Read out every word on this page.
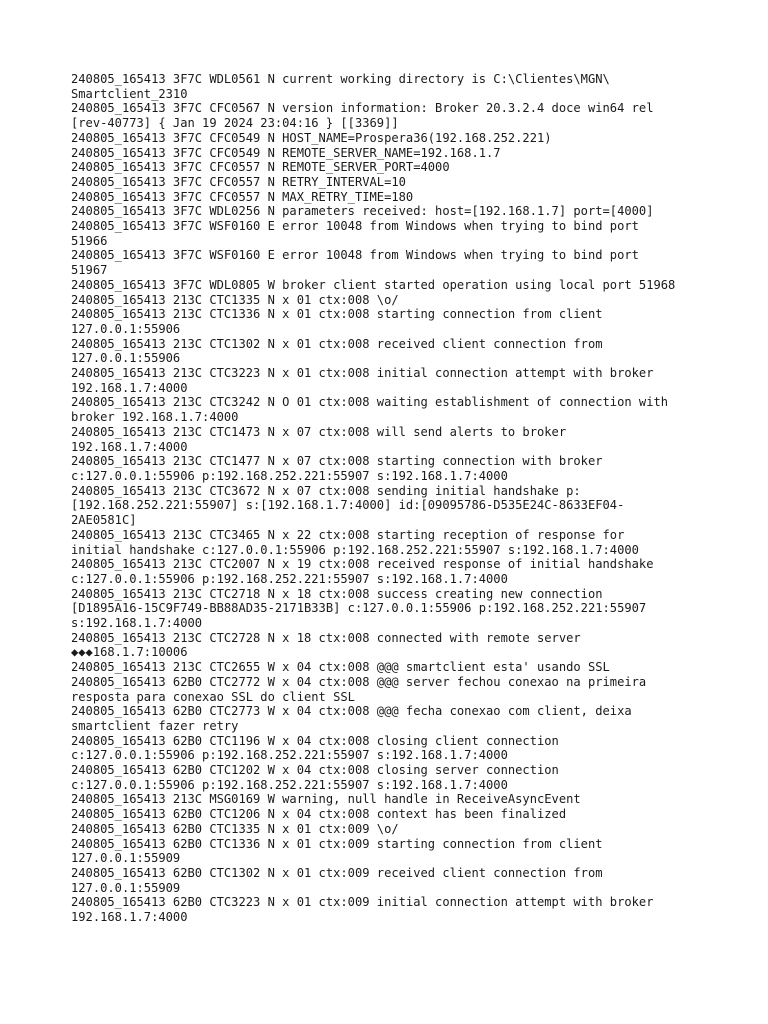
240805_165413 3F7C WDL0561 N current working directory is C:\Clientes\MGN\
Smartclient_2310
240805_165413 3F7C CFC0567 N version information: Broker 20.3.2.4 doce win64 rel
[rev-40773] { Jan 19 2024 23:04:16 } [[3369]]
240805_165413 3F7C CFC0549 N HOST_NAME=Prospera36(192.168.252.221)
240805_165413 3F7C CFC0549 N REMOTE_SERVER_NAME=192.168.1.7
240805_165413 3F7C CFC0557 N REMOTE_SERVER_PORT=4000
240805_165413 3F7C CFC0557 N RETRY_INTERVAL=10
240805_165413 3F7C CFC0557 N MAX_RETRY_TIME=180
240805_165413 3F7C WDL0256 N parameters received: host=[192.168.1.7] port=[4000]
240805_165413 3F7C WSF0160 E error 10048 from Windows when trying to bind port
51966
240805_165413 3F7C WSF0160 E error 10048 from Windows when trying to bind port
51967
240805_165413 3F7C WDL0805 W broker client started operation using local port 51968
240805_165413 213C CTC1335 N x 01 ctx:008 \o/
240805_165413 213C CTC1336 N x 01 ctx:008 starting connection from client
127.0.0.1:55906
240805_165413 213C CTC1302 N x 01 ctx:008 received client connection from
127.0.0.1:55906
240805_165413 213C CTC3223 N x 01 ctx:008 initial connection attempt with broker
192.168.1.7:4000
240805_165413 213C CTC3242 N O 01 ctx:008 waiting establishment of connection with
broker 192.168.1.7:4000
240805_165413 213C CTC1473 N x 07 ctx:008 will send alerts to broker
192.168.1.7:4000
240805_165413 213C CTC1477 N x 07 ctx:008 starting connection with broker
c:127.0.0.1:55906 p:192.168.252.221:55907 s:192.168.1.7:4000
240805_165413 213C CTC3672 N x 07 ctx:008 sending initial handshake p:
[192.168.252.221:55907] s:[192.168.1.7:4000] id:[09095786-D535E24C-8633EF04-
2AE0581C]
240805_165413 213C CTC3465 N x 22 ctx:008 starting reception of response for
initial handshake c:127.0.0.1:55906 p:192.168.252.221:55907 s:192.168.1.7:4000
240805_165413 213C CTC2007 N x 19 ctx:008 received response of initial handshake
c:127.0.0.1:55906 p:192.168.252.221:55907 s:192.168.1.7:4000
240805_165413 213C CTC2718 N x 18 ctx:008 success creating new connection
[D1895A16-15C9F749-BB88AD35-2171B33B] c:127.0.0.1:55906 p:192.168.252.221:55907
s:192.168.1.7:4000
240805_165413 213C CTC2728 N x 18 ctx:008 connected with remote server
◆◆◆168.1.7:10006
240805_165413 213C CTC2655 W x 04 ctx:008 @@@ smartclient esta' usando SSL
240805_165413 62B0 CTC2772 W x 04 ctx:008 @@@ server fechou conexao na primeira
resposta para conexao SSL do client SSL
240805_165413 62B0 CTC2773 W x 04 ctx:008 @@@ fecha conexao com client, deixa
smartclient fazer retry
240805_165413 62B0 CTC1196 W x 04 ctx:008 closing client connection
c:127.0.0.1:55906 p:192.168.252.221:55907 s:192.168.1.7:4000
240805_165413 62B0 CTC1202 W x 04 ctx:008 closing server connection
c:127.0.0.1:55906 p:192.168.252.221:55907 s:192.168.1.7:4000
240805_165413 213C MSG0169 W warning, null handle in ReceiveAsyncEvent
240805_165413 62B0 CTC1206 N x 04 ctx:008 context has been finalized
240805_165413 62B0 CTC1335 N x 01 ctx:009 \o/
240805_165413 62B0 CTC1336 N x 01 ctx:009 starting connection from client
127.0.0.1:55909
240805_165413 62B0 CTC1302 N x 01 ctx:009 received client connection from
127.0.0.1:55909
240805_165413 62B0 CTC3223 N x 01 ctx:009 initial connection attempt with broker
192.168.1.7:4000
